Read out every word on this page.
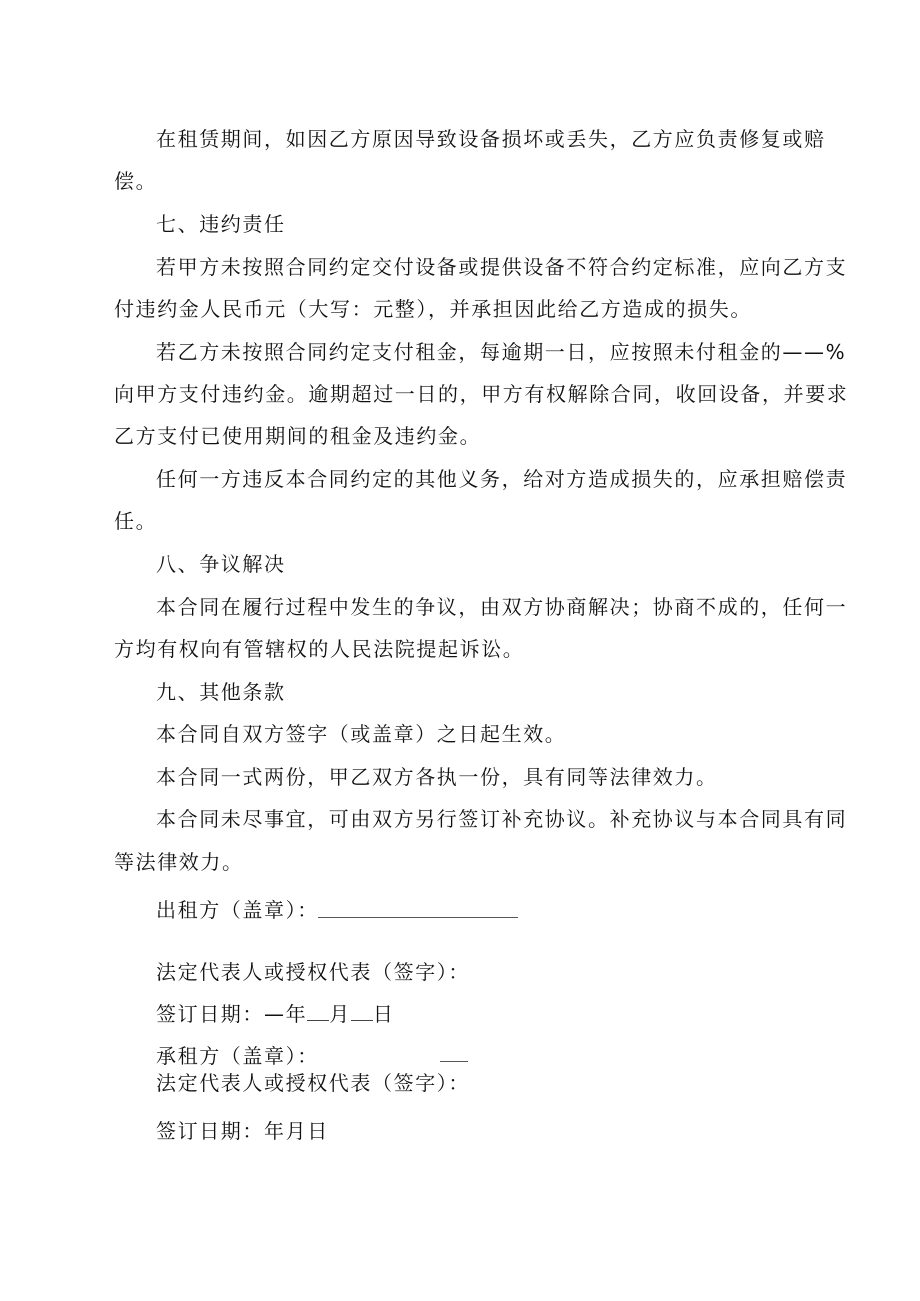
在租赁期间，如因乙方原因导致设备损坏或丢失，乙方应负责修复或赔
偿。
七、违约责任
若甲方未按照合同约定交付设备或提供设备不符合约定标准，应向乙方支
付违约金人民币元（大写：元整），并承担因此给乙方造成的损失。
若乙方未按照合同约定支付租金，每逾期一日，应按照未付租金的——%
向甲方支付违约金。逾期超过一日的，甲方有权解除合同，收回设备，并要求
乙方支付已使用期间的租金及违约金。
任何一方违反本合同约定的其他义务，给对方造成损失的，应承担赔偿责
任。
八、争议解决
本合同在履行过程中发生的争议，由双方协商解决；协商不成的，任何一
方均有权向有管辖权的人民法院提起诉讼。
九、其他条款
本合同自双方签字（或盖章）之日起生效。
本合同一式两份，甲乙双方各执一份，具有同等法律效力。
本合同未尽事宜，可由双方另行签订补充协议。补充协议与本合同具有同
等法律效力。
出租方（盖章）：
法定代表人或授权代表（签字）：
签订日期：—年 月 日
承租方（盖章）：
法定代表人或授权代表（签字）：
签订日期：年月日
